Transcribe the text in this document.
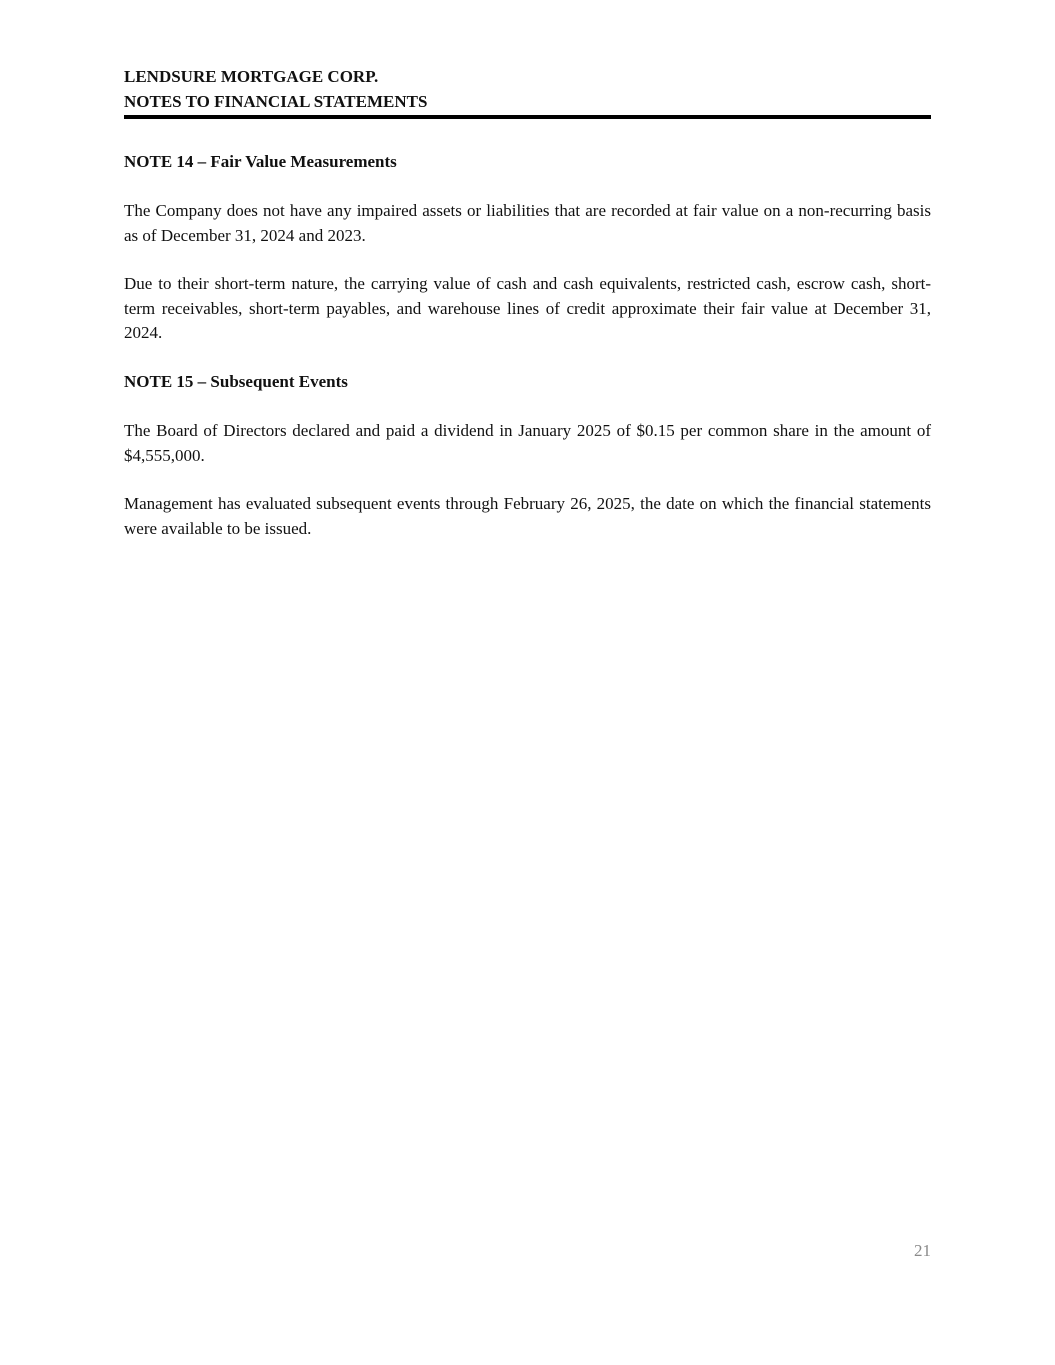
LENDSURE MORTGAGE CORP.
NOTES TO FINANCIAL STATEMENTS
NOTE 14 – Fair Value Measurements

The Company does not have any impaired assets or liabilities that are recorded at fair value on a non-recurring basis as of December 31, 2024 and 2023.

Due to their short-term nature, the carrying value of cash and cash equivalents, restricted cash, escrow cash, short-term receivables, short-term payables, and warehouse lines of credit approximate their fair value at December 31, 2024.

NOTE 15 – Subsequent Events

The Board of Directors declared and paid a dividend in January 2025 of $0.15 per common share in the amount of $4,555,000.

Management has evaluated subsequent events through February 26, 2025, the date on which the financial statements were available to be issued.

21
